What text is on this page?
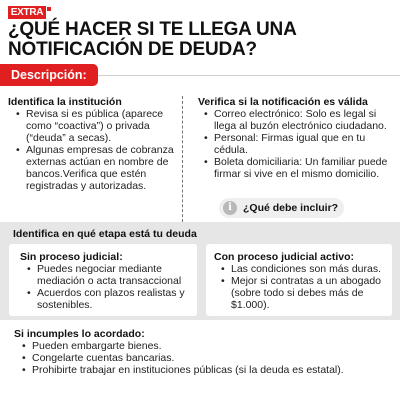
EXTRA
¿QUÉ HACER SI TE LLEGA UNA
NOTIFICACIÓN DE DEUDA?
Descripción:
Identifica la institución
• Revisa si es pública (aparece como “coactiva”) o privada (“deuda” a secas).
• Algunas empresas de cobranza externas actúan en nombre de bancos.Verifica que estén registradas y autorizadas.
Verifica si la notificación es válida
• Correo electrónico: Solo es legal si llega al buzón electrónico ciudadano.
• Personal: Firmas igual que en tu cédula.
• Boleta domiciliaria: Un familiar puede firmar si vive en el mismo domicilio.
i	¿Qué debe incluir?
Identifica en qué etapa está tu deuda
Sin proceso judicial:
• Puedes negociar mediante mediación o acta transaccional
• Acuerdos con plazos realistas y sostenibles.
Con proceso judicial activo:
• Las condiciones son más duras.
• Mejor si contratas a un abogado (sobre todo si debes más de $1.000).
Si incumples lo acordado:
• Pueden embargarte bienes.
• Congelarte cuentas bancarias.
• Prohibirte trabajar en instituciones públicas (si la deuda es estatal).
